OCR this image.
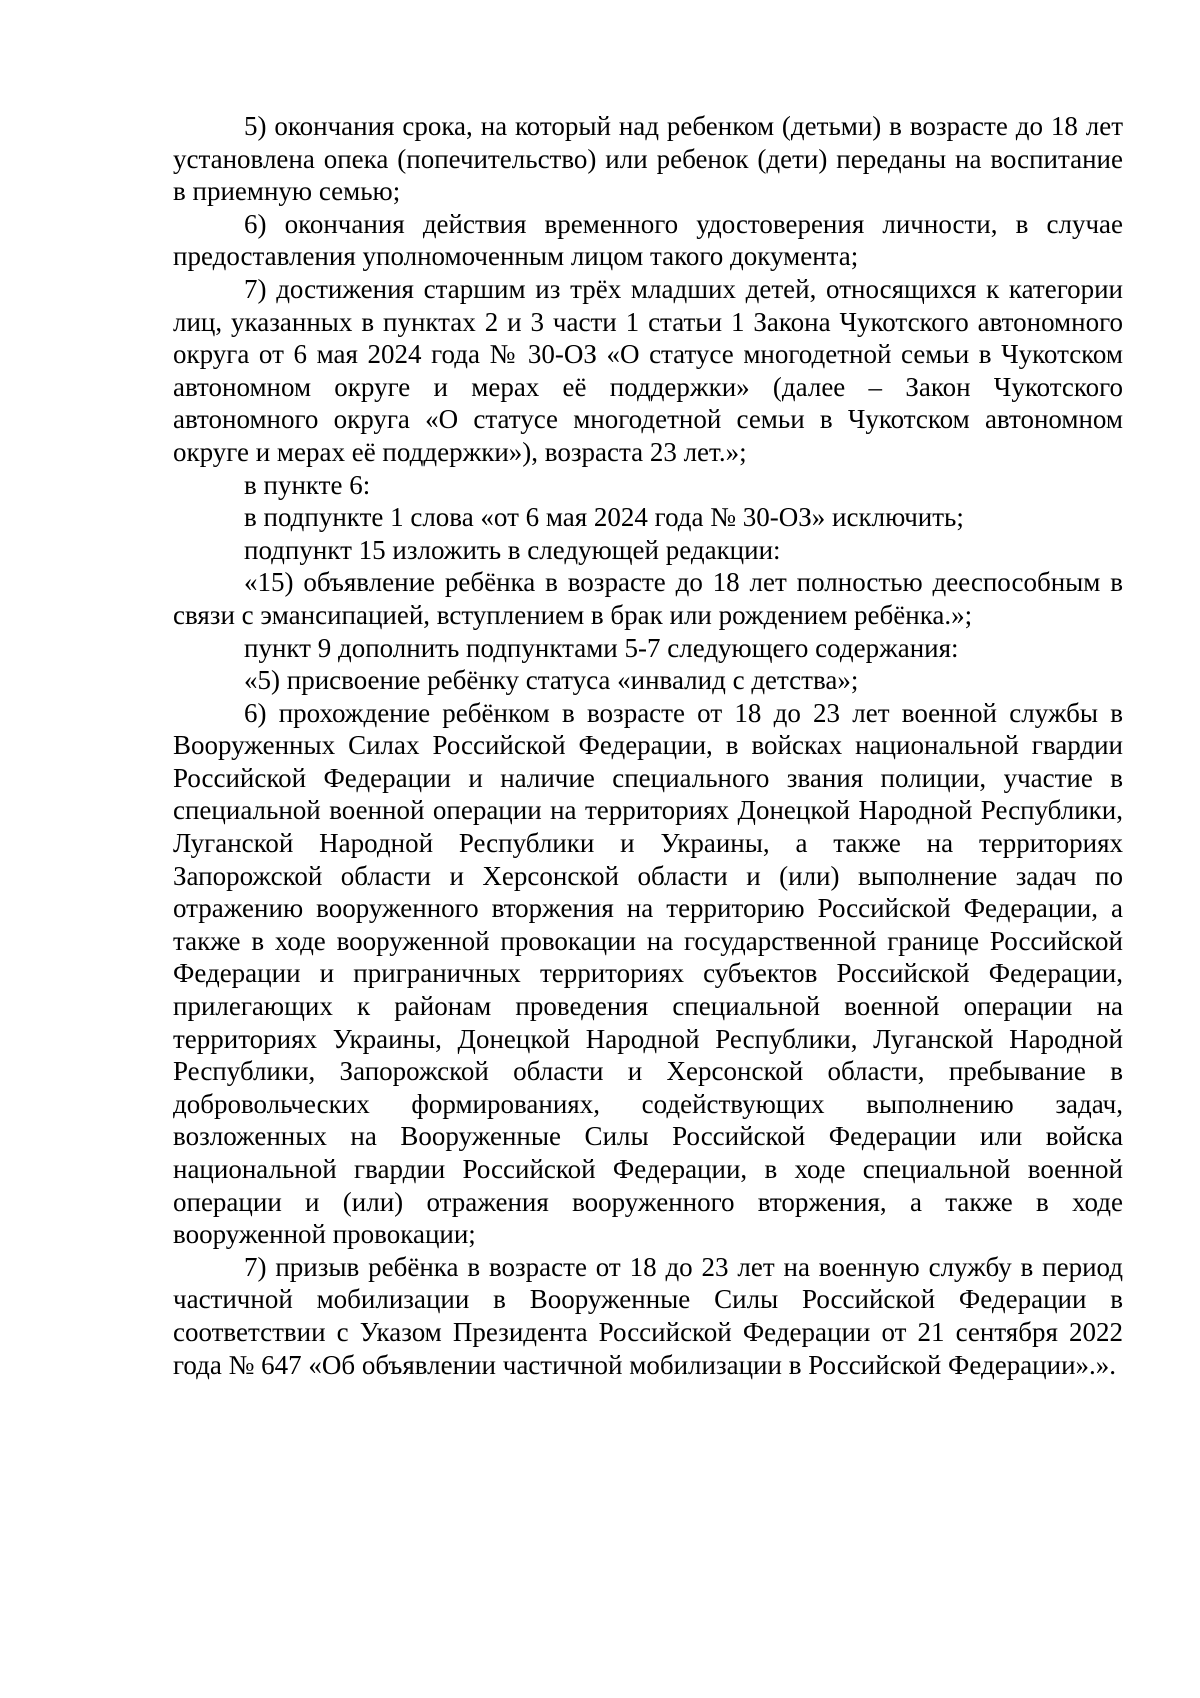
5) окончания срока, на который над ребенком (детьми) в возрасте до 18 лет установлена опека (попечительство) или ребенок (дети) переданы на воспитание в приемную семью;

6) окончания действия временного удостоверения личности, в случае предоставления уполномоченным лицом такого документа;

7) достижения старшим из трёх младших детей, относящихся к категории лиц, указанных в пунктах 2 и 3 части 1 статьи 1 Закона Чукотского автономного округа от 6 мая 2024 года № 30-ОЗ «О статусе многодетной семьи в Чукотском автономном округе и мерах её поддержки» (далее – Закон Чукотского автономного округа «О статусе многодетной семьи в Чукотском автономном округе и мерах её поддержки»), возраста 23 лет.»;

в пункте 6:

в подпункте 1 слова «от 6 мая 2024 года № 30-ОЗ» исключить;

подпункт 15 изложить в следующей редакции:

«15) объявление ребёнка в возрасте до 18 лет полностью дееспособным в связи с эмансипацией, вступлением в брак или рождением ребёнка.»;

пункт 9 дополнить подпунктами 5-7 следующего содержания:

«5) присвоение ребёнку статуса «инвалид с детства»;

6) прохождение ребёнком в возрасте от 18 до 23 лет военной службы в Вооруженных Силах Российской Федерации, в войсках национальной гвардии Российской Федерации и наличие специального звания полиции, участие в специальной военной операции на территориях Донецкой Народной Республики, Луганской Народной Республики и Украины, а также на территориях Запорожской области и Херсонской области и (или) выполнение задач по отражению вооруженного вторжения на территорию Российской Федерации, а также в ходе вооруженной провокации на государственной границе Российской Федерации и приграничных территориях субъектов Российской Федерации, прилегающих к районам проведения специальной военной операции на территориях Украины, Донецкой Народной Республики, Луганской Народной Республики, Запорожской области и Херсонской области, пребывание в добровольческих формированиях, содействующих выполнению задач, возложенных на Вооруженные Силы Российской Федерации или войска национальной гвардии Российской Федерации, в ходе специальной военной операции и (или) отражения вооруженного вторжения, а также в ходе вооруженной провокации;

7) призыв ребёнка в возрасте от 18 до 23 лет на военную службу в период частичной мобилизации в Вооруженные Силы Российской Федерации в соответствии с Указом Президента Российской Федерации от 21 сентября 2022 года № 647 «Об объявлении частичной мобилизации в Российской Федерации».».
